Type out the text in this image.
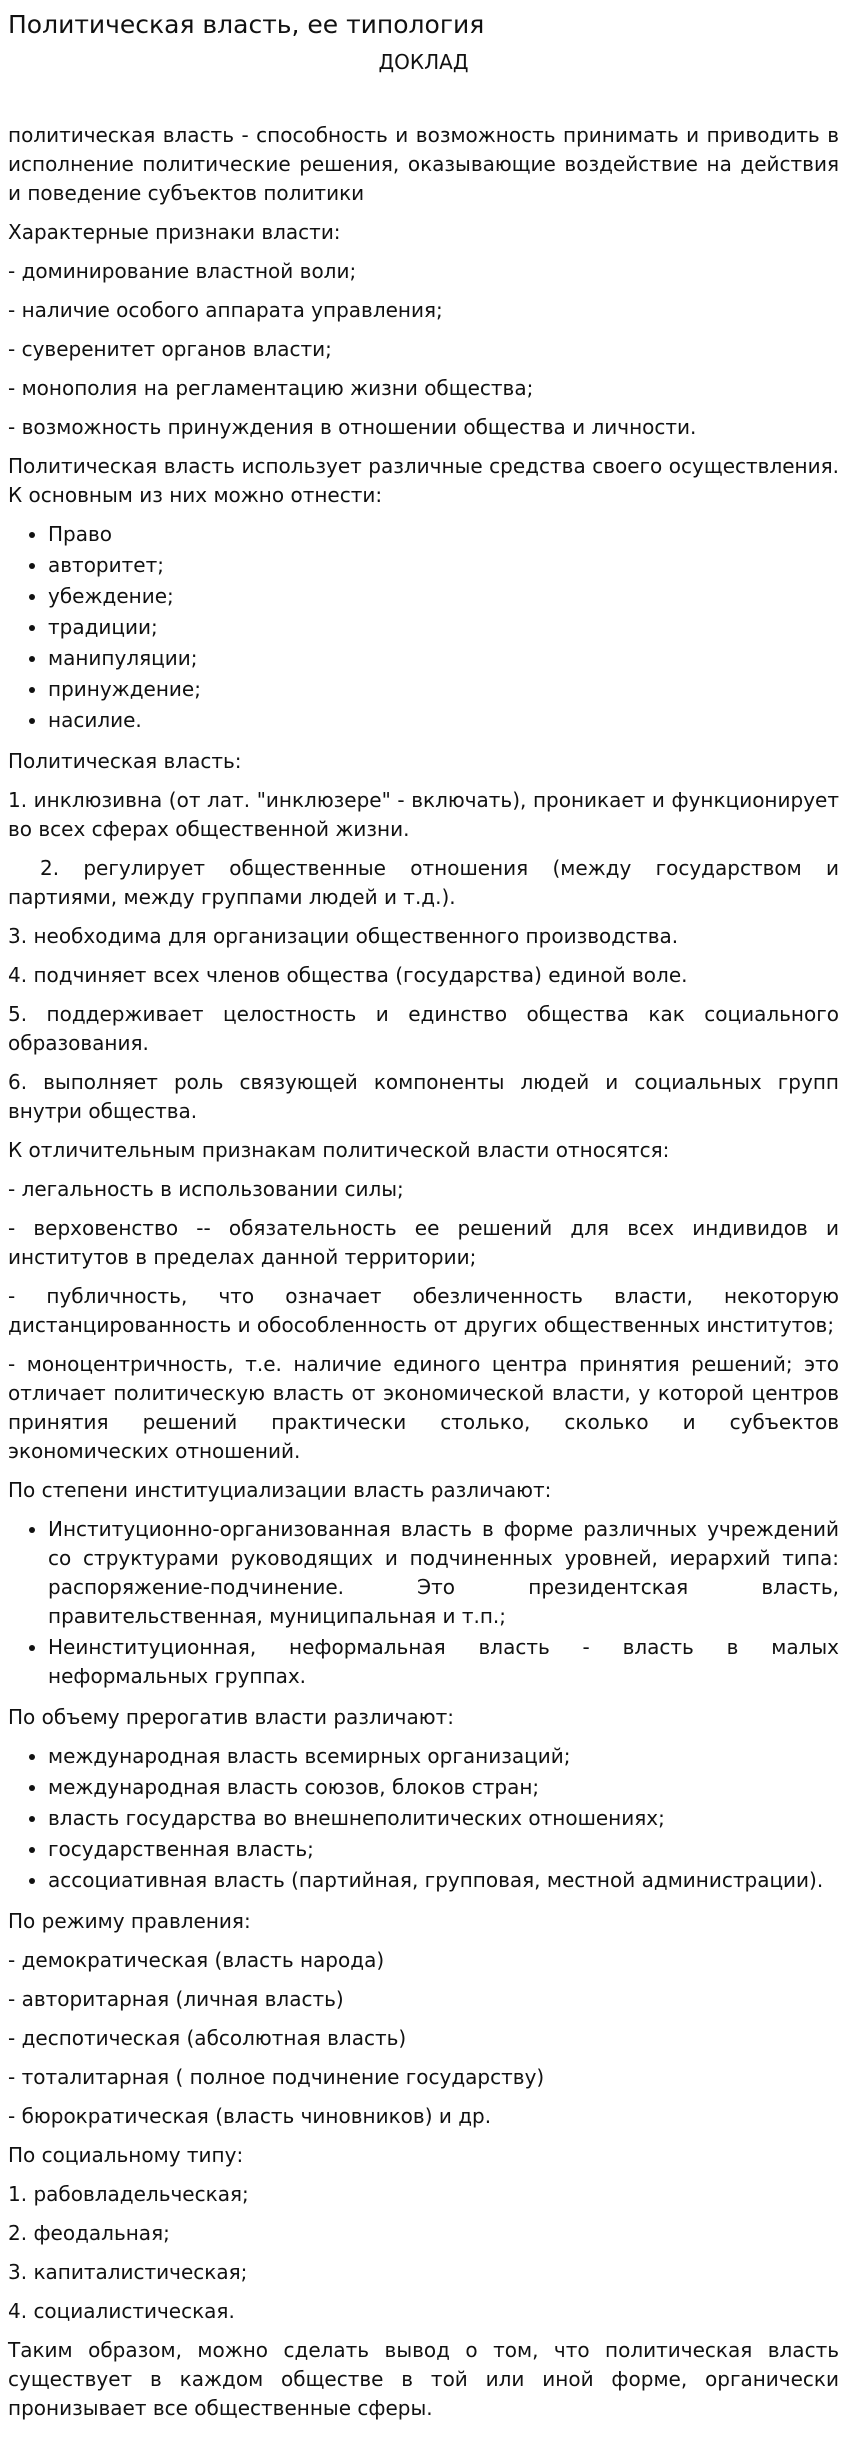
Политическая власть, ее типология
ДОКЛАД

политическая власть - способность и возможность принимать и приводить в исполнение политические решения, оказывающие воздействие на действия и поведение субъектов политики

Характерные признаки власти:

- доминирование властной воли;

- наличие особого аппарата управления;

- суверенитет органов власти;

- монополия на регламентацию жизни общества;

- возможность принуждения в отношении общества и личности.

Политическая власть использует различные средства своего осуществления. К основным из них можно отнести:

• Право
• авторитет;
• убеждение;
• традиции;
• манипуляции;
• принуждение;
• насилие.

Политическая власть:

1. инклюзивна (от лат. "инклюзере" - включать), проникает и функционирует во всех сферах общественной жизни.

2. регулирует общественные отношения (между государством и партиями, между группами людей и т.д.).

3. необходима для организации общественного производства.

4. подчиняет всех членов общества (государства) единой воле.

5. поддерживает целостность и единство общества как социального образования.

6. выполняет роль связующей компоненты людей и социальных групп внутри общества.

К отличительным признакам политической власти относятся:

- легальность в использовании силы;

- верховенство -- обязательность ее решений для всех индивидов и институтов в пределах данной территории;

- публичность, что означает обезличенность власти, некоторую дистанцированность и обособленность от других общественных институтов;

- моноцентричность, т.е. наличие единого центра принятия решений; это отличает политическую власть от экономической власти, у которой центров принятия решений практически столько, сколько и субъектов экономических отношений.

По степени институциализации власть различают:

• Институционно-организованная власть в форме различных учреждений со структурами руководящих и подчиненных уровней, иерархий типа: распоряжение-подчинение. Это президентская власть, правительственная, муниципальная и т.п.;
• Неинституционная, неформальная власть - власть в малых неформальных группах.

По объему прерогатив власти различают:

• международная власть всемирных организаций;
• международная власть союзов, блоков стран;
• власть государства во внешнеполитических отношениях;
• государственная власть;
• ассоциативная власть (партийная, групповая, местной администрации).

По режиму правления:

- демократическая (власть народа)

- авторитарная (личная власть)

- деспотическая (абсолютная власть)

- тоталитарная ( полное подчинение государству)

- бюрократическая (власть чиновников) и др.

По социальному типу:

1. рабовладельческая;

2. феодальная;

3. капиталистическая;

4. социалистическая.

Таким образом, можно сделать вывод о том, что политическая власть существует в каждом обществе в той или иной форме, органически пронизывает все общественные сферы.
